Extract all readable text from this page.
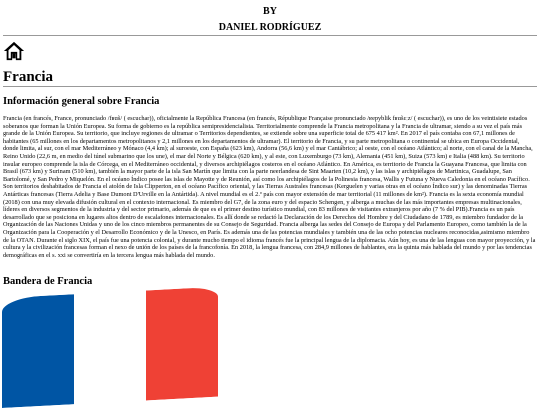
BY
DANIEL RODRÍGUEZ
Francia
Información general sobre Francia

Francia (en francés, France, pronunciado /fʁɑ̃s/ ( escuchar)), oficialmente la República Francesa (en francés, République Française pronunciado /ʁepyblik fʁɑ̃sɛːz/ ( escuchar)), es uno de los veintisiete estados soberanos que forman la Unión Europea. Su forma de gobierno es la república semipresidencialista. Territorialmente comprende la Francia metropolitana y la Francia de ultramar, siendo a su vez el país más grande de la Unión Europea. Su territorio, que incluye regiones de ultramar o Territorios dependientes, se extiende sobre una superficie total de 675 417 km². En 2017 el país contaba con 67,1 millones de habitantes (65 millones en los departamentos metropolitanos y 2,1 millones en los departamentos de ultramar). El territorio de Francia, y su parte metropolitana o continental se ubica en Europa Occidental, donde limita, al sur, con el mar Mediterráneo y Mónaco (4,4 km); al suroeste, con España (623 km), Andorra (56,6 km) y el mar Cantábrico; al oeste, con el océano Atlántico; al norte, con el canal de la Mancha, Reino Unido (22,6 m, en medio del túnel submarino que los une), el mar del Norte y Bélgica (620 km), y al este, con Luxemburgo (73 km), Alemania (451 km), Suiza (573 km) e Italia (488 km). Su territorio insular europeo comprende la isla de Córcega, en el Mediterráneo occidental, y diversos archipiélagos costeros en el océano Atlántico. En América, es territorio de Francia la Guayana Francesa, que limita con Brasil (673 km) y Surinam (510 km), también la mayor parte de la isla San Martín que limita con la parte neerlandesa de Sint Maarten (10,2 km), y las islas y archipiélagos de Martinica, Guadalupe, San Bartolomé, y San Pedro y Miquelón. En el océano Índico posee las islas de Mayotte y de Reunión, así como los archipiélagos de la Polinesia francesa, Wallis y Futuna y Nueva Caledonia en el océano Pacífico. Son territorios deshabitados de Francia el atolón de Isla Clipperton, en el océano Pacífico oriental, y las Tierras Australes francesas (Kerguelen y varias otras en el océano Índico sur) y las denominadas Tierras Antárticas francesas (Tierra Adelia y Base Dumont D'Urville en la Antártida). A nivel mundial es el 2.º país con mayor extensión de mar territorial (11 millones de km²). Francia es la sexta economía mundial (2018) con una muy elevada difusión cultural en el contexto internacional. Es miembro del G7, de la zona euro y del espacio Schengen, y alberga a muchas de las más importantes empresas multinacionales, líderes en diversos segmentos de la industria y del sector primario, además de que es el primer destino turístico mundial, con 83 millones de visitantes extranjeros por año (7 % del PIB).Francia es un país desarrollado que se posiciona en lugares altos dentro de escalafones internacionales. Es allí donde se redactó la Declaración de los Derechos del Hombre y del Ciudadano de 1789, es miembro fundador de la Organización de las Naciones Unidas y uno de los cinco miembros permanentes de su Consejo de Seguridad. Francia alberga las sedes del Consejo de Europa y del Parlamento Europeo, como también la de la Organización para la Cooperación y el Desarrollo Económico y de la Unesco, en París. Es además una de las potencias mundiales y también una de las ocho potencias nucleares reconocidas,asimismo miembro de la OTAN. Durante el siglo XIX, el país fue una potencia colonial, y durante mucho tiempo el idioma francés fue la principal lengua de la diplomacia. Aún hoy, es una de las lenguas con mayor proyección, y la cultura y la civilización francesas forman el nexo de unión de los países de la francofonía. En 2018, la lengua francesa, con 284,9 millones de hablantes, era la quinta más hablada del mundo y por las tendencias demográficas en el s. xxi se convertiría en la tercera lengua más hablada del mundo.

Bandera de Francia
